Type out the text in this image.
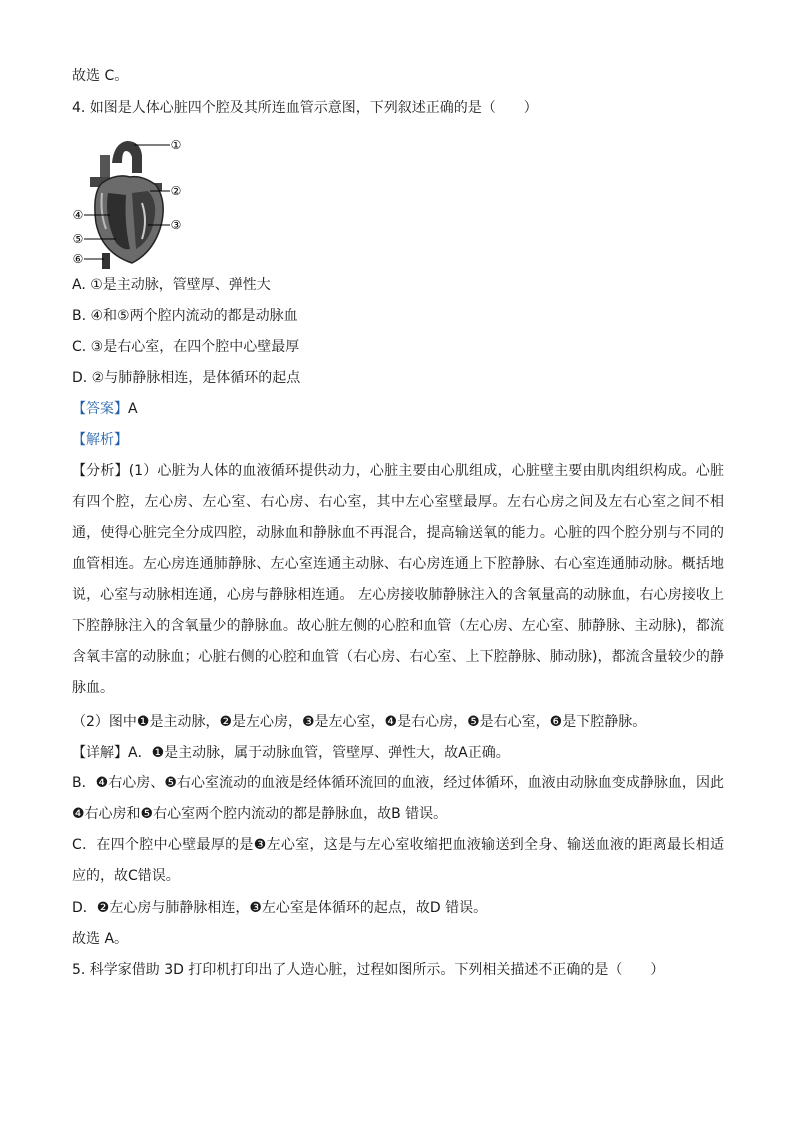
故选 C。
4. 如图是人体心脏四个腔及其所连血管示意图，下列叙述正确的是（　　）
①
②
③
④
⑤
⑥
A. ①是主动脉，管壁厚、弹性大
B. ④和⑤两个腔内流动的都是动脉血
C. ③是右心室，在四个腔中心壁最厚
D. ②与肺静脉相连，是体循环的起点
【答案】A
【解析】
【分析】(1）心脏为人体的血液循环提供动力，心脏主要由心肌组成，心脏壁主要由肌肉组织构成。心脏有四个腔，左心房、左心室、右心房、右心室，其中左心室壁最厚。左右心房之间及左右心室之间不相通，使得心脏完全分成四腔，动脉血和静脉血不再混合，提高输送氧的能力。心脏的四个腔分别与不同的血管相连。左心房连通肺静脉、左心室连通主动脉、右心房连通上下腔静脉、右心室连通肺动脉。概括地说，心室与动脉相连通，心房与静脉相连通。 左心房接收肺静脉注入的含氧量高的动脉血，右心房接收上下腔静脉注入的含氧量少的静脉血。故心脏左侧的心腔和血管（左心房、左心室、肺静脉、主动脉)，都流含氧丰富的动脉血；心脏右侧的心腔和血管（右心房、右心室、上下腔静脉、肺动脉)，都流含量较少的静脉血。
（2）图中❶是主动脉，❷是左心房，❸是左心室，❹是右心房，❺是右心室，❻是下腔静脉。
【详解】A．❶是主动脉，属于动脉血管，管壁厚、弹性大，故A正确。
B．❹右心房、❺右心室流动的血液是经体循环流回的血液，经过体循环，血液由动脉血变成静脉血，因此❹右心房和❺右心室两个腔内流动的都是静脉血，故B 错误。
C．在四个腔中心壁最厚的是❸左心室，这是与左心室收缩把血液输送到全身、输送血液的距离最长相适应的，故C错误。
D．❷左心房与肺静脉相连，❸左心室是体循环的起点，故D 错误。
故选 A。
5. 科学家借助 3D 打印机打印出了人造心脏，过程如图所示。下列相关描述不正确的是（　　）
